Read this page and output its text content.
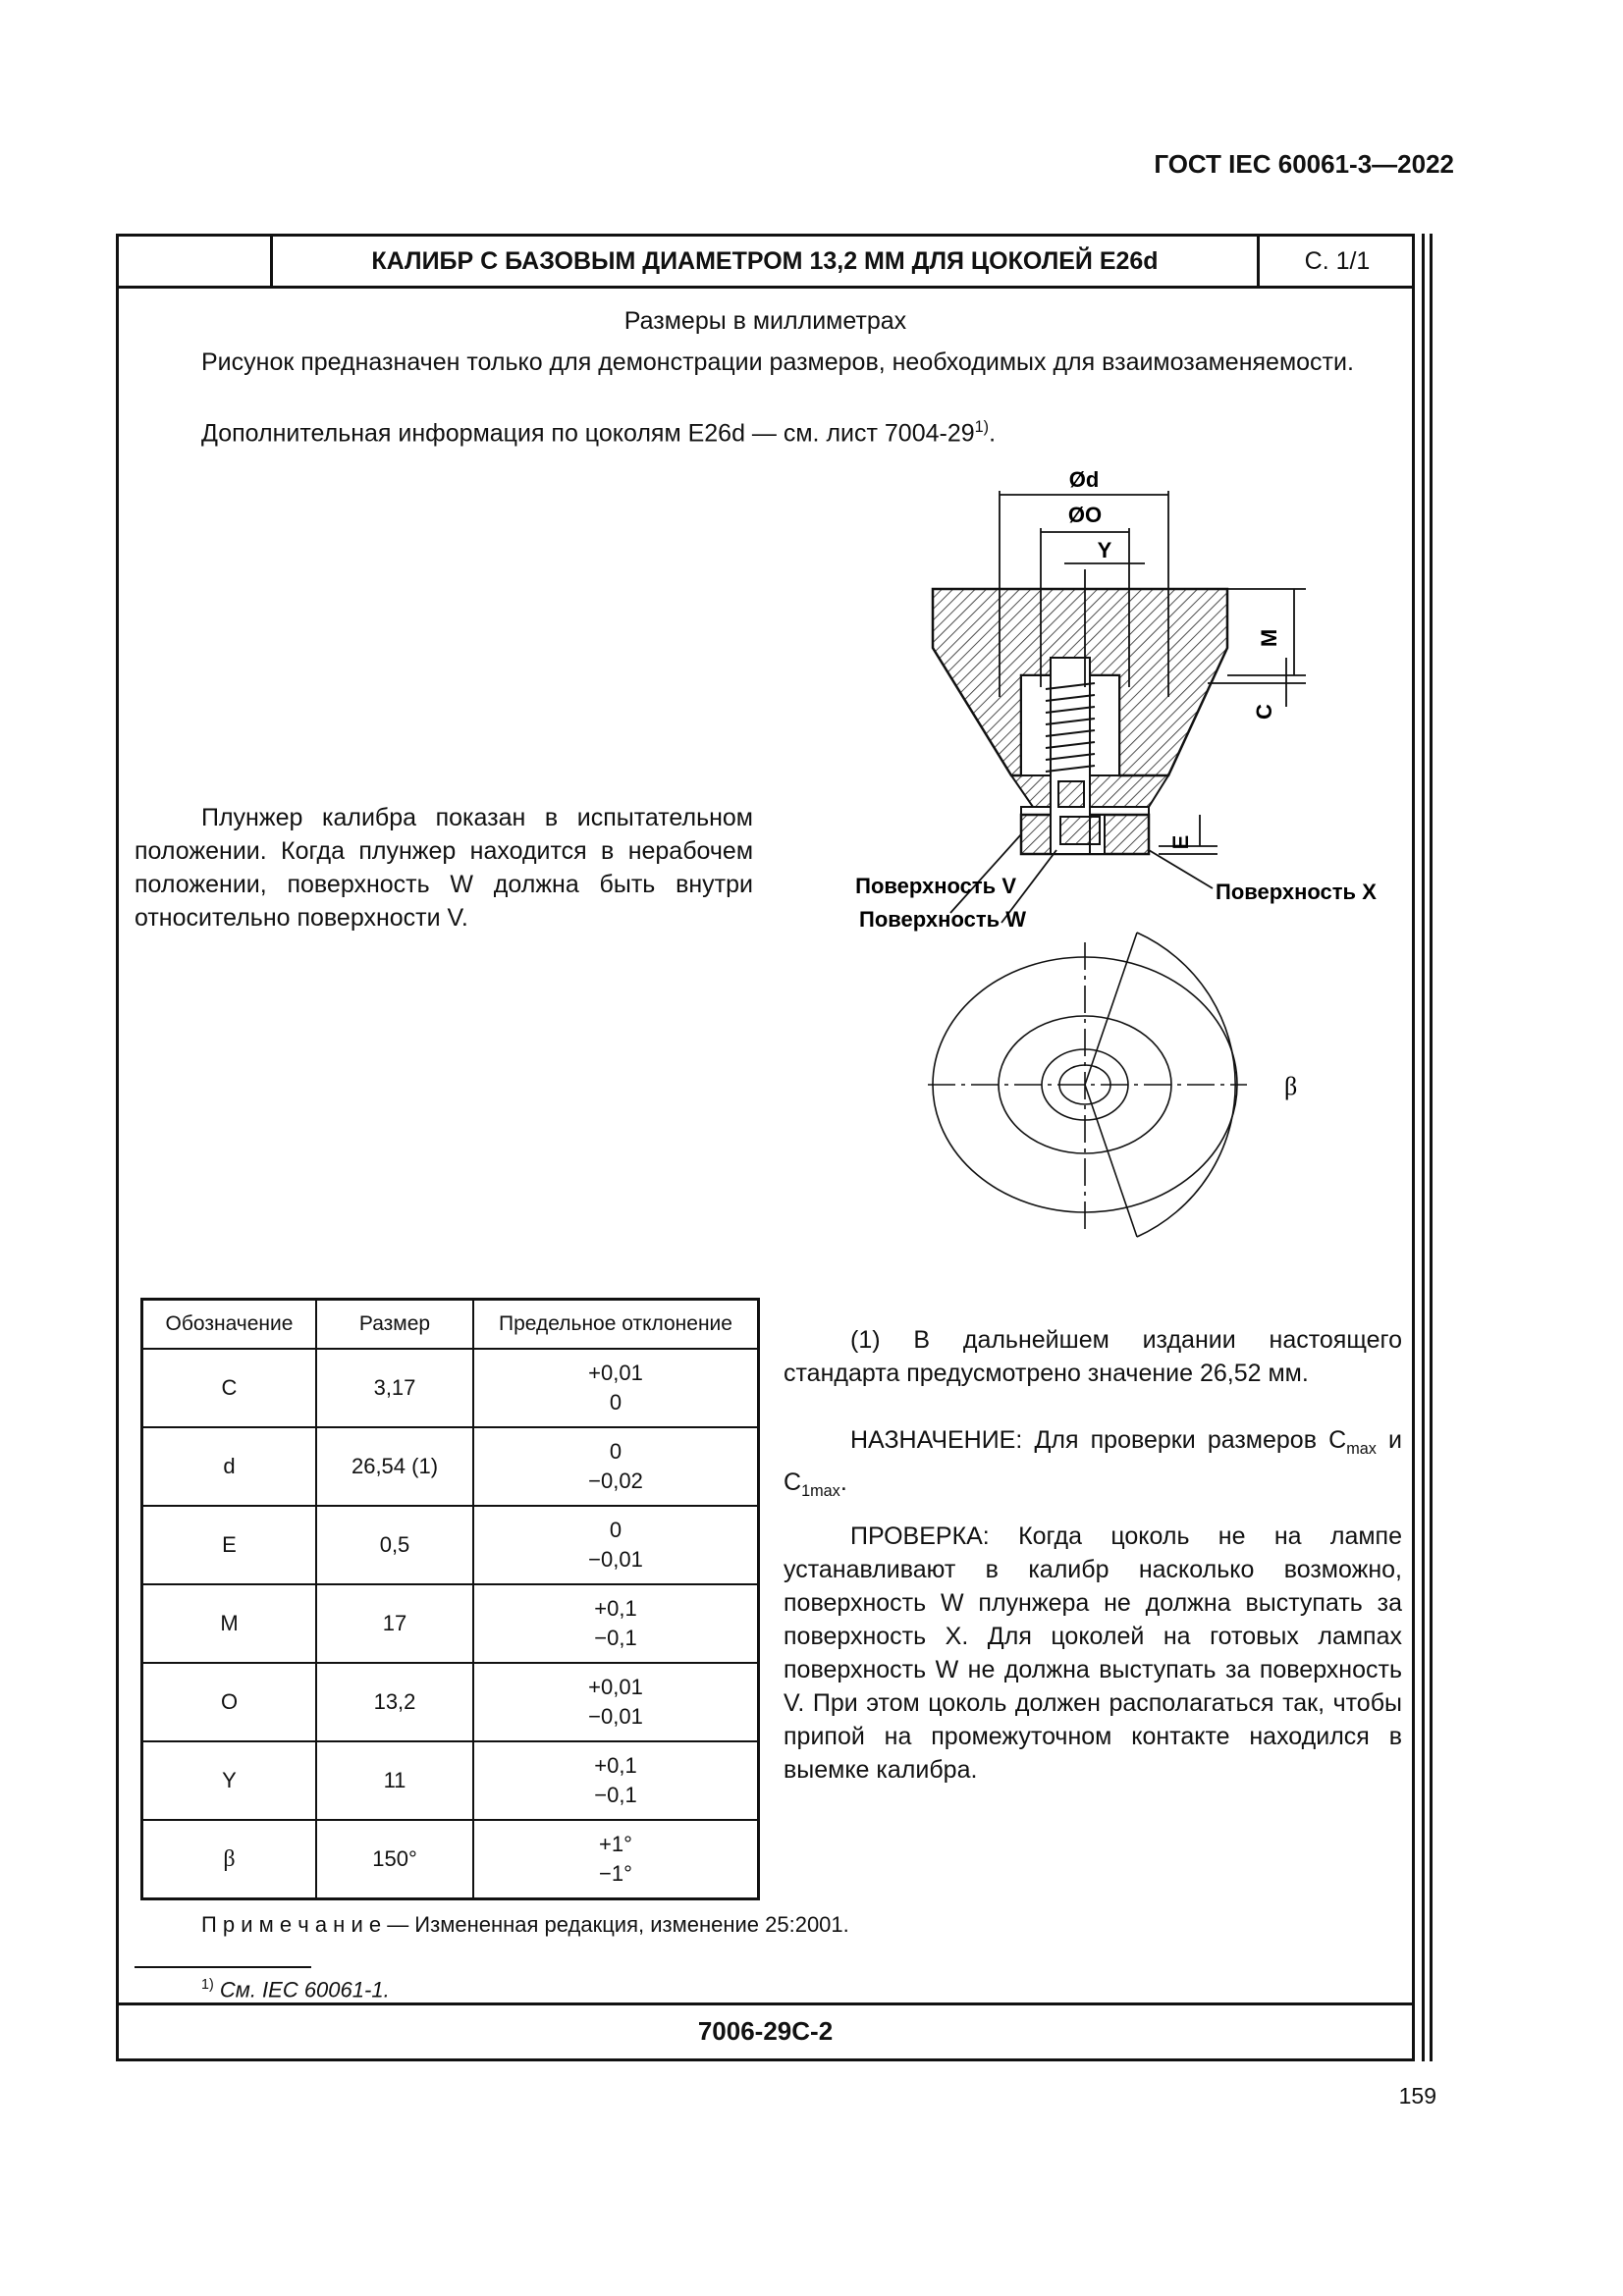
ГОСТ IEC 60061-3—2022
КАЛИБР С БАЗОВЫМ ДИАМЕТРОМ 13,2 ММ ДЛЯ ЦОКОЛЕЙ E26d	С. 1/1
Размеры в миллиметрах
Рисунок предназначен только для демонстрации размеров, необходимых для взаимозаменяемости.
Дополнительная информация по цоколям E26d — см. лист 7004-29$^{1)}$.
Плунжер калибра показан в испытательном положении. Когда плунжер находится в нерабочем положении, поверхность W должна быть внутри относительно поверхности V.
Ød
ØO
Y
M
C
E
Поверхность V
Поверхность W
Поверхность X
β
Обозначение	Размер	Предельное отклонение
C	3,17	+0,01
0

d	26,54 (1)	0
−0,02

E	0,5	0
−0,01

M	17	+0,1
−0,1

O	13,2	+0,01
−0,01

Y	11	+0,1
−0,1

β	150°	+1°
−1°
(1) В дальнейшем издании настоящего стандарта предусмотрено значение 26,52 мм.
НАЗНАЧЕНИЕ: Для проверки размеров $C_{max}$ и $C_{1max}$.
ПРОВЕРКА: Когда цоколь не на лампе устанавливают в калибр насколько возможно, поверхность W плунжера не должна выступать за поверхность X. Для цоколей на готовых лампах поверхность W не должна выступать за поверхность V. При этом цоколь должен располагаться так, чтобы припой на промежуточном контакте находился в выемке калибра.
П р и м е ч а н и е — Измененная редакция, изменение 25:2001.
$^{1)}$ См. IEC 60061-1.
7006-29С-2
159
